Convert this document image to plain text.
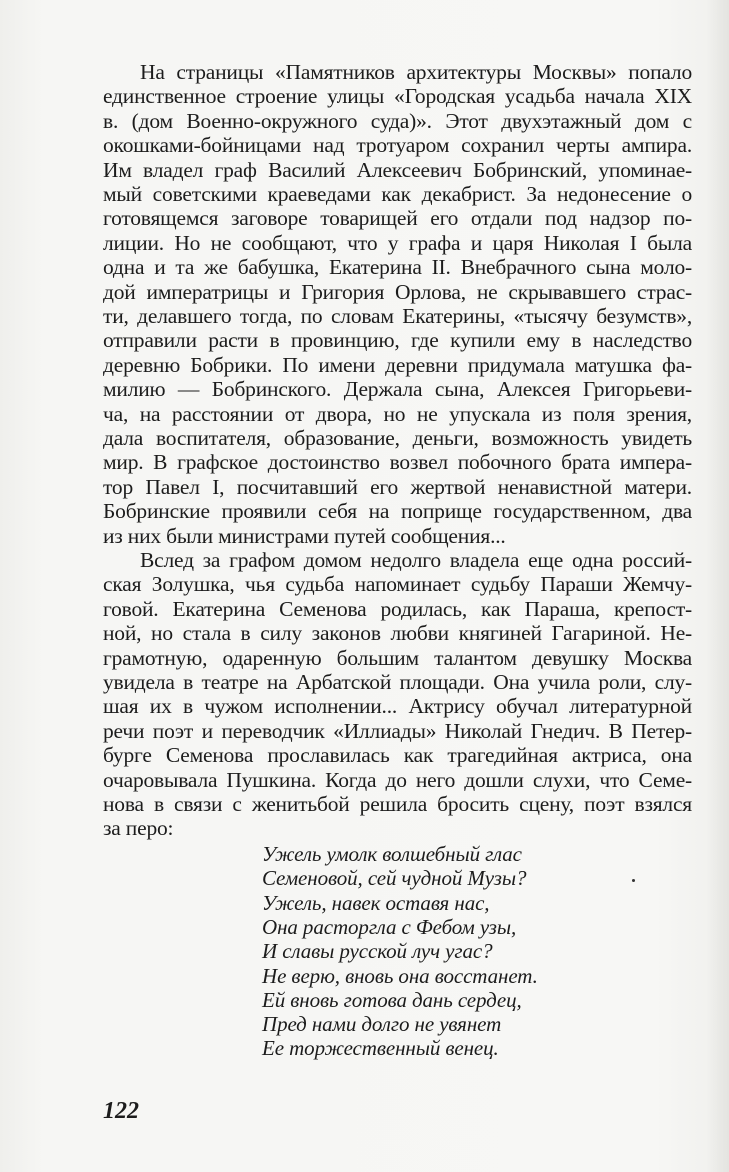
На страницы «Памятников архитектуры Москвы» попало
единственное строение улицы «Городская усадьба начала XIX
в. (дом Военно-окружного суда)». Этот двухэтажный дом с
окошками-бойницами над тротуаром сохранил черты ампира.
Им владел граф Василий Алексеевич Бобринский, упоминае-
мый советскими краеведами как декабрист. За недонесение о
готовящемся заговоре товарищей его отдали под надзор по-
лиции. Но не сообщают, что у графа и царя Николая I была
одна и та же бабушка, Екатерина II. Внебрачного сына моло-
дой императрицы и Григория Орлова, не скрывавшего страс-
ти, делавшего тогда, по словам Екатерины, «тысячу безумств»,
отправили расти в провинцию, где купили ему в наследство
деревню Бобрики. По имени деревни придумала матушка фа-
милию — Бобринского. Держала сына, Алексея Григорьеви-
ча, на расстоянии от двора, но не упускала из поля зрения,
дала воспитателя, образование, деньги, возможность увидеть
мир. В графское достоинство возвел побочного брата импера-
тор Павел I, посчитавший его жертвой ненавистной матери.
Бобринские проявили себя на поприще государственном, два
из них были министрами путей сообщения...
Вслед за графом домом недолго владела еще одна россий-
ская Золушка, чья судьба напоминает судьбу Параши Жемчу-
говой. Екатерина Семенова родилась, как Параша, крепост-
ной, но стала в силу законов любви княгиней Гагариной. Не-
грамотную, одаренную большим талантом девушку Москва
увидела в театре на Арбатской площади. Она учила роли, слу-
шая их в чужом исполнении... Актрису обучал литературной
речи поэт и переводчик «Иллиады» Николай Гнедич. В Петер-
бурге Семенова прославилась как трагедийная актриса, она
очаровывала Пушкина. Когда до него дошли слухи, что Семе-
нова в связи с женитьбой решила бросить сцену, поэт взялся
за перо:
Ужель умолк волшебный глас
Семеновой, сей чудной Музы?
Ужель, навек оставя нас,
Она расторгла с Фебом узы,
И славы русской луч угас?
Не верю, вновь она восстанет.
Ей вновь готова дань сердец,
Пред нами долго не увянет
Ее торжественный венец.
122
